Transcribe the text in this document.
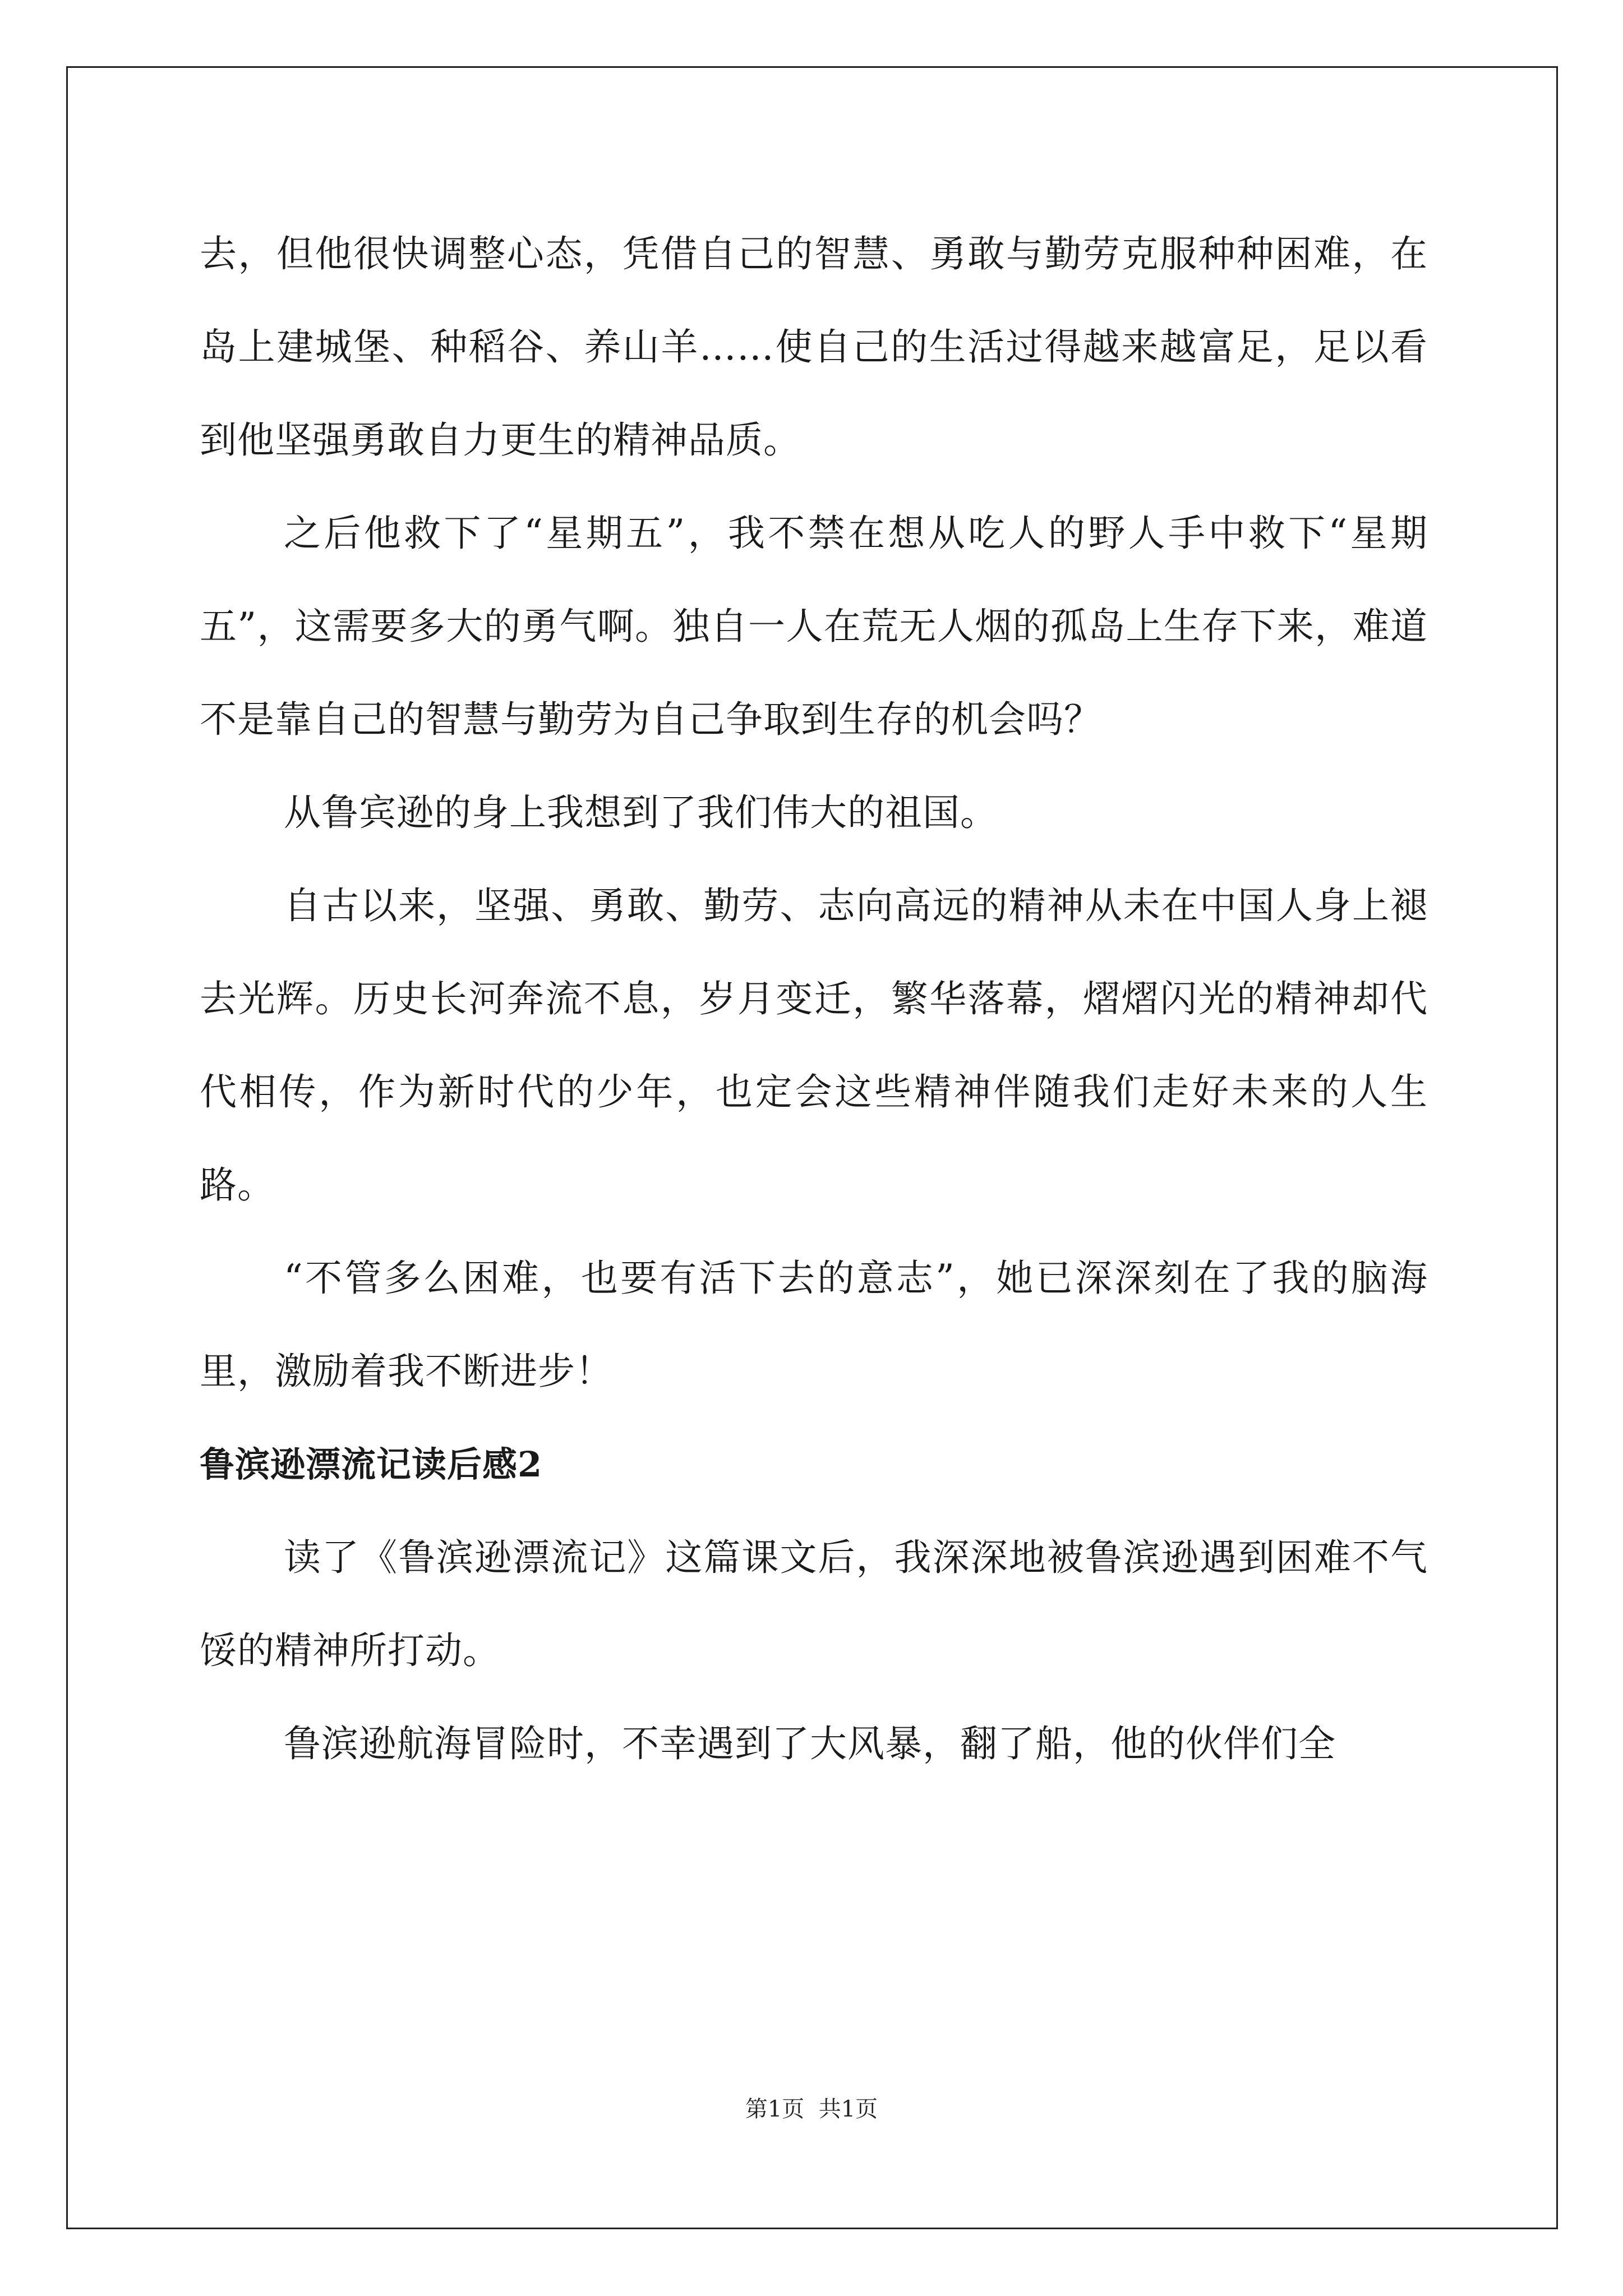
去，但他很快调整心态，凭借自己的智慧、勇敢与勤劳克服种种困难，在岛上建城堡、种稻谷、养山羊……使自己的生活过得越来越富足，足以看到他坚强勇敢自力更生的精神品质。

之后他救下了“星期五”，我不禁在想从吃人的野人手中救下“星期五”，这需要多大的勇气啊。独自一人在荒无人烟的孤岛上生存下来，难道不是靠自己的智慧与勤劳为自己争取到生存的机会吗？

从鲁宾逊的身上我想到了我们伟大的祖国。

自古以来，坚强、勇敢、勤劳、志向高远的精神从未在中国人身上褪去光辉。历史长河奔流不息，岁月变迁，繁华落幕，熠熠闪光的精神却代代相传，作为新时代的少年，也定会这些精神伴随我们走好未来的人生路。

“不管多么困难，也要有活下去的意志”，她已深深刻在了我的脑海里，激励着我不断进步！

鲁滨逊漂流记读后感2

读了《鲁滨逊漂流记》这篇课文后，我深深地被鲁滨逊遇到困难不气馁的精神所打动。

鲁滨逊航海冒险时，不幸遇到了大风暴，翻了船，他的伙伴们全

第1页  共1页
